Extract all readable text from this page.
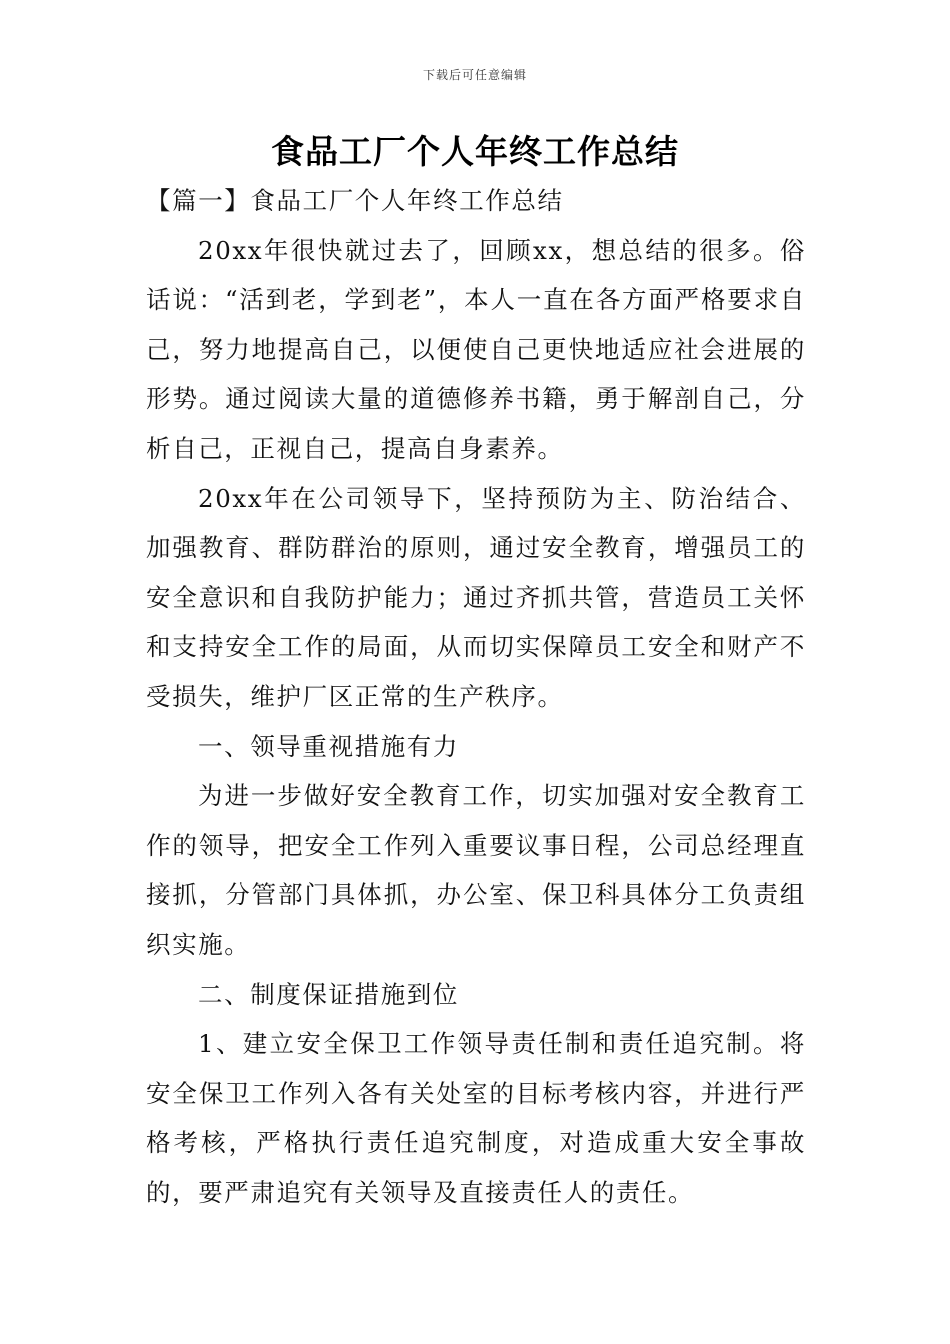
下载后可任意编辑
食品工厂个人年终工作总结

【篇一】食品工厂个人年终工作总结

20xx年很快就过去了，回顾xx，想总结的很多。俗话说：“活到老，学到老”，本人一直在各方面严格要求自己，努力地提高自己，以便使自己更快地适应社会进展的形势。通过阅读大量的道德修养书籍，勇于解剖自己，分析自己，正视自己，提高自身素养。

20xx年在公司领导下，坚持预防为主、防治结合、加强教育、群防群治的原则，通过安全教育，增强员工的安全意识和自我防护能力；通过齐抓共管，营造员工关怀和支持安全工作的局面，从而切实保障员工安全和财产不受损失，维护厂区正常的生产秩序。

一、领导重视措施有力

为进一步做好安全教育工作，切实加强对安全教育工作的领导，把安全工作列入重要议事日程，公司总经理直接抓，分管部门具体抓，办公室、保卫科具体分工负责组织实施。

二、制度保证措施到位

1、建立安全保卫工作领导责任制和责任追究制。将安全保卫工作列入各有关处室的目标考核内容，并进行严格考核，严格执行责任追究制度，对造成重大安全事故的，要严肃追究有关领导及直接责任人的责任。
